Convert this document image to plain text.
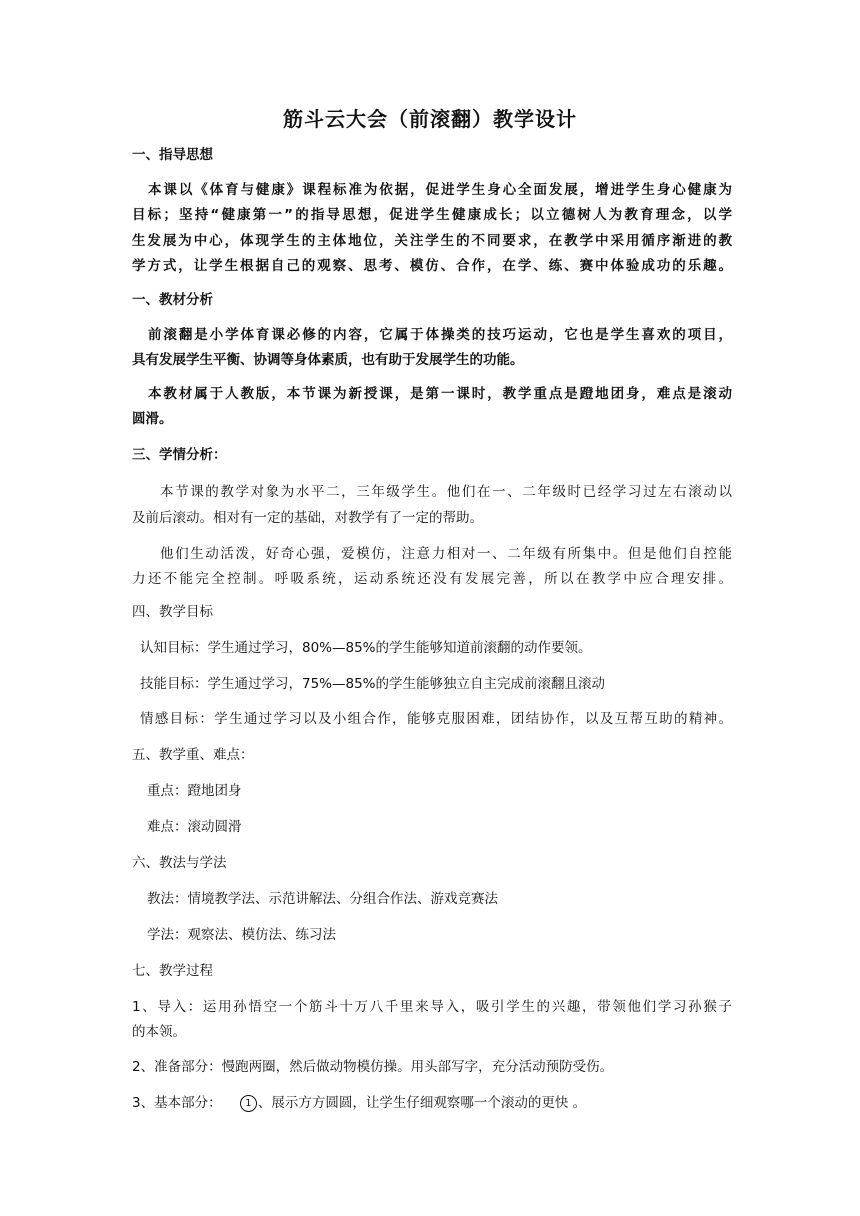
筋斗云大会（前滚翻）教学设计
一、指导思想
本课以《体育与健康》课程标准为依据，促进学生身心全面发展，增进学生身心健康为
目标；坚持“健康第一”的指导思想，促进学生健康成长；以立德树人为教育理念，以学
生发展为中心，体现学生的主体地位，关注学生的不同要求，在教学中采用循序渐进的教
学方式，让学生根据自己的观察、思考、模仿、合作，在学、练、赛中体验成功的乐趣。
一、教材分析
前滚翻是小学体育课必修的内容，它属于体操类的技巧运动，它也是学生喜欢的项目，
具有发展学生平衡、协调等身体素质，也有助于发展学生的功能。
本教材属于人教版，本节课为新授课，是第一课时，教学重点是蹬地团身，难点是滚动
圆滑。
三、学情分析：
本节课的教学对象为水平二，三年级学生。他们在一、二年级时已经学习过左右滚动以
及前后滚动。相对有一定的基础，对教学有了一定的帮助。
他们生动活泼，好奇心强，爱模仿，注意力相对一、二年级有所集中。但是他们自控能
力还不能完全控制。呼吸系统，运动系统还没有发展完善，所以在教学中应合理安排。
四、教学目标
认知目标：学生通过学习，80%—85%的学生能够知道前滚翻的动作要领。
技能目标：学生通过学习，75%—85%的学生能够独立自主完成前滚翻且滚动
情感目标：学生通过学习以及小组合作，能够克服困难，团结协作，以及互帮互助的精神。
五、教学重、难点：
重点：蹬地团身
难点：滚动圆滑
六、教法与学法
教法：情境教学法、示范讲解法、分组合作法、游戏竞赛法
学法：观察法、模仿法、练习法
七、教学过程
1、导入：运用孙悟空一个筋斗十万八千里来导入，吸引学生的兴趣，带领他们学习孙猴子
的本领。
2、准备部分：慢跑两圈，然后做动物模仿操。用头部写字，充分活动预防受伤。
3、基本部分： 1 、展示方方圆圆，让学生仔细观察哪一个滚动的更快 。
